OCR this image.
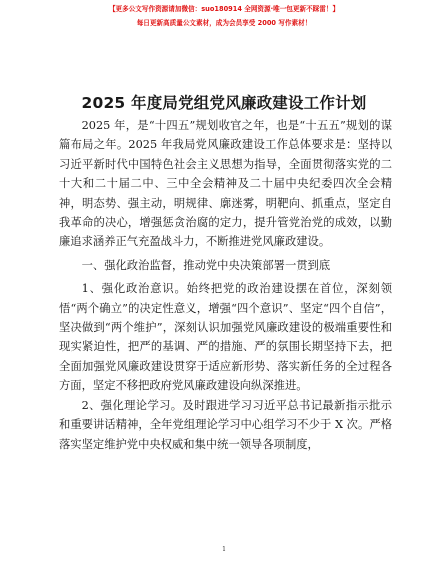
【更多公文写作资源请加微信：suo180914 全网资源·唯一包更新不踩雷！】
每日更新高质量公文素材，成为会员享受 2000 写作素材！
2025 年度局党组党风廉政建设工作计划

2025 年，是“十四五”规划收官之年，也是“十五五”规划的谋篇布局之年。2025 年我局党风廉政建设工作总体要求是：坚持以习近平新时代中国特色社会主义思想为指导，全面贯彻落实党的二十大和二十届二中、三中全会精神及二十届中央纪委四次全会精神，明态势、强主动，明规律、廓迷雾，明靶向、抓重点，坚定自我革命的决心，增强惩贪治腐的定力，提升管党治党的成效，以勤廉追求涵养正气充盈战斗力，不断推进党风廉政建设。

一、强化政治监督，推动党中央决策部署一贯到底

1、强化政治意识。始终把党的政治建设摆在首位，深刻领悟“两个确立”的决定性意义，增强“四个意识”、坚定“四个自信”，坚决做到“两个维护”，深刻认识加强党风廉政建设的极端重要性和现实紧迫性，把严的基调、严的措施、严的氛围长期坚持下去，把全面加强党风廉政建设贯穿于适应新形势、落实新任务的全过程各方面，坚定不移把政府党风廉政建设向纵深推进。

2、强化理论学习。及时跟进学习习近平总书记最新指示批示和重要讲话精神，全年党组理论学习中心组学习不少于 X 次。严格落实坚定维护党中央权威和集中统一领导各项制度，

1
